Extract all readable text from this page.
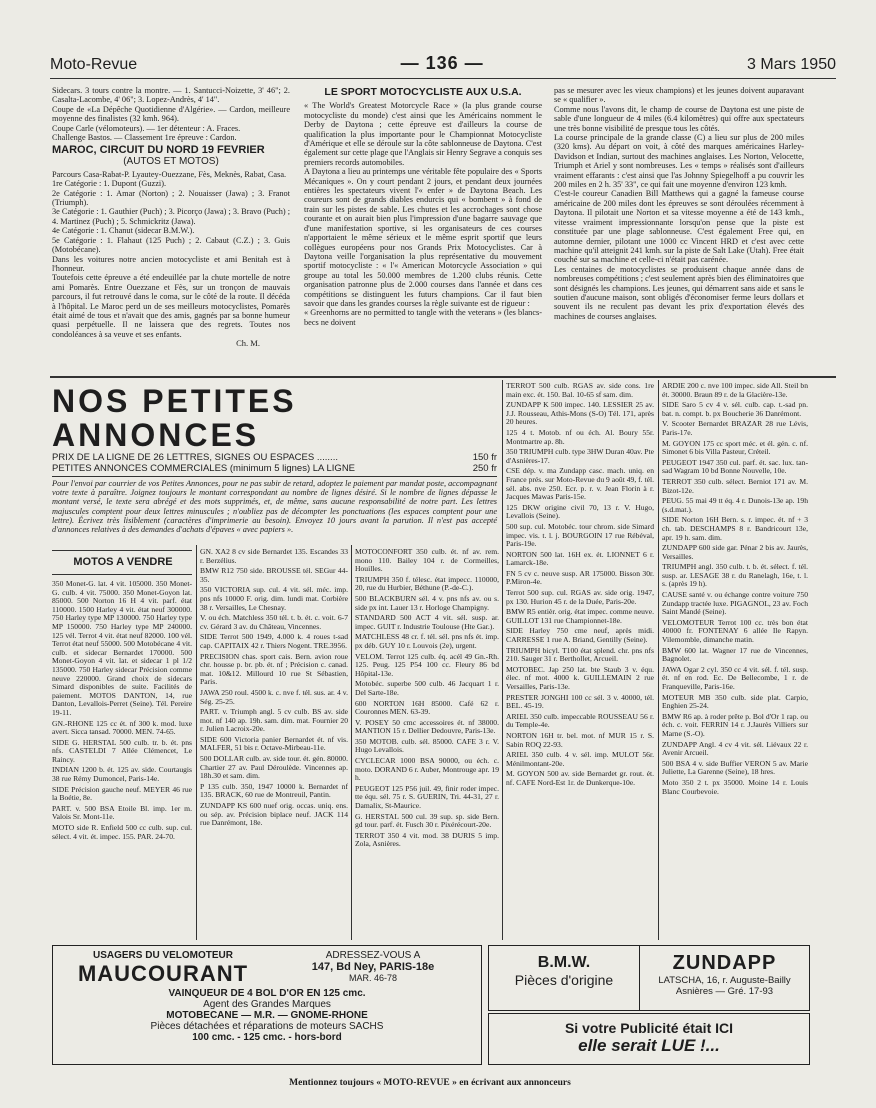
Moto-Revue	— 136 —	3 Mars 1950

Sidecars. 3 tours contre la montre. — 1. Santucci-Noizette, 3' 46"; 2. Casalta-Lacombe, 4' 06"; 3. Lopez-Andrès, 4' 14".

Coupe de «La Dépêche Quotidienne d'Algérie». — Cardon, meilleure moyenne des finalistes (32 kmh. 964).

Coupe Carle (vélomoteurs). — 1er détenteur : A. Fraces.

Challenge Bastos. — Classement 1re épreuve : Cardon.

MAROC, CIRCUIT DU NORD 19 FEVRIER
(AUTOS ET MOTOS)

Parcours Casa-Rabat-P. Lyautey-Ouezzane, Fès, Meknès, Rabat, Casa.

1re Catégorie : 1. Dupont (Guzzi).

2e Catégorie : 1. Amar (Norton) ; 2. Nouaisser (Jawa) ; 3. Franot (Triumph).

3e Catégorie : 1. Gauthier (Puch) ; 3. Picorço (Jawa) ; 3. Bravo (Puch) ; 4. Martinez (Puch) ; 5. Schmickritz (Jawa).

4e Catégorie : 1. Chanut (sidecar B.M.W.).

5e Catégorie : 1. Flahaut (125 Puch) ; 2. Cabaut (C.Z.) ; 3. Guis (Motobécane).

Dans les voitures notre ancien motocycliste et ami Benitah est à l'honneur.

Toutefois cette épreuve a été endeuillée par la chute mortelle de notre ami Pomarès. Entre Ouezzane et Fès, sur un tronçon de mauvais parcours, il fut retrouvé dans le coma, sur le côté de la route. Il décéda à l'hôpital. Le Maroc perd un de ses meilleurs motocyclistes, Pomarès était aimé de tous et n'avait que des amis, gagnés par sa bonne humeur quasi perpétuelle. Il ne laissera que des regrets. Toutes nos condoléances à sa veuve et ses enfants.

Ch. M.

LE SPORT MOTOCYCLISTE AUX U.S.A.

« The World's Greatest Motorcycle Race » (la plus grande course motocycliste du monde) c'est ainsi que les Américains nomment le Derby de Daytona ; cette épreuve est d'ailleurs la course de qualification la plus importante pour le Championnat Motocycliste d'Amérique et elle se déroule sur la côte sablonneuse de Daytona. C'est également sur cette plage que l'Anglais sir Henry Segrave a conquis ses premiers records automobiles.

A Daytona a lieu au printemps une véritable fête populaire des « Sports Mécaniques ». On y court pendant 2 jours, et pendant deux journées entières les spectateurs vivent l'« enfer » de Daytona Beach. Les coureurs sont de grands diables endurcis qui « bombent » à fond de train sur les pistes de sable. Les chutes et les accrochages sont chose courante et on aurait bien plus l'impression d'une bagarre sauvage que d'une manifestation sportive, si les organisateurs de ces courses n'apportaient le même sérieux et le même esprit sportif que leurs collègues européens pour nos Grands Prix Motocyclistes. Car à Daytona veille l'organisation la plus représentative du mouvement sportif motocycliste : « l'« American Motorcycle Association » qui groupe au total les 50.000 membres de 1.200 clubs réunis. Cette organisation patronne plus de 2.000 courses dans l'année et dans ces compétitions se distinguent les futurs champions. Car il faut bien savoir que dans les grandes courses la règle suivante est de rigueur :

« Greenhorns are no permitted to tangle with the veterans » (les blancs-becs ne doivent

pas se mesurer avec les vieux champions) et les jeunes doivent auparavant se « qualifier ».

Comme nous l'avons dit, le champ de course de Daytona est une piste de sable d'une longueur de 4 miles (6.4 kilomètres) qui offre aux spectateurs une très bonne visibilité de presque tous les côtés.

La course principale de la grande classe (C) a lieu sur plus de 200 miles (320 kms). Au départ on voit, à côté des marques américaines Harley-Davidson et Indian, surtout des machines anglaises. Les Norton, Velocette, Triumph et Ariel y sont nombreuses. Les « temps » réalisés sont d'ailleurs vraiment effarants : c'est ainsi que l'as Johnny Spiegelhoff a pu couvrir les 200 miles en 2 h. 35' 33", ce qui fait une moyenne d'environ 123 kmh.

C'est-le coureur Canadien Bill Matthews qui a gagné la fameuse course américaine de 200 miles dont les épreuves se sont déroulées récemment à Daytona. Il pilotait une Norton et sa vitesse moyenne a été de 143 kmh., vitesse vraiment impressionnante lorsqu'on pense que la piste est constituée par une plage sablonneuse. C'est également Free qui, en automne dernier, pilotant une 1000 cc Vincent HRD et c'est avec cette machine qu'il atteignit 241 kmh. sur la piste de Salt Lake (Utah). Free était couché sur sa machine et celle-ci n'était pas carénée.

Les centaines de motocyclistes se produisent chaque année dans de nombreuses compétitions ; c'est seulement après bien des éliminatoires que sont désignés les champions. Les jeunes, qui démarrent sans aide et sans le soutien d'aucune maison, sont obligés d'économiser ferme leurs dollars et souvent ils ne reculent pas devant les prix d'exportation élevés des machines de courses anglaises.

NOS PETITES ANNONCES
PRIX DE LA LIGNE DE 26 LETTRES, SIGNES OU ESPACES ........	150 fr
PETITES ANNONCES COMMERCIALES (minimum 5 lignes) LA LIGNE	250 fr
Pour l'envoi par courrier de vos Petites Annonces, pour ne pas subir de retard, adoptez le paiement par mandat poste, accompagnant votre texte à paraître. Joignez toujours le montant correspondant au nombre de lignes désiré. Si le nombre de lignes dépasse le montant versé, le texte sera abrégé et des mots supprimés, et, de même, sans aucune responsabilité de notre part. Les lettres majuscules comptent pour deux lettres minuscules ; n'oubliez pas de décompter les ponctuations (les espaces comptent pour une lettre). Écrivez très lisiblement (caractères d'imprimerie au besoin). Envoyez 10 jours avant la parution. Il n'est pas accepté d'annonces relatives à des demandes d'achats d'épaves « avec papiers ».
MOTOS A VENDRE
350 Monet-G. lat. 4 vit. 105000. 350 Monet-G. culb. 4 vit. 75000. 350 Monet-Goyon lat. 85000. 500 Norton 16 H 4 vit. parf. état 110000. 1500 Harley 4 vit. état neuf 300000. 750 Harley type MP 130000. 750 Harley type MP 150000. 750 Harley type MP 240000. 125 vél. Terrot 4 vit. état neuf 82000. 100 vél. Terrot état neuf 55000. 500 Motobécane 4 vit. culb. et sidecar Bernardet 170000. 500 Monet-Goyon 4 vit. lat. et sidecar 1 pl 1/2 135000. 750 Harley sidecar Précision comme neuve 220000. Grand choix de sidecars Simard disponibles de suite. Facilités de paiement. MOTOS DANTON, 14, rue Danton, Levallois-Perret (Seine). Tél. Pereire 19-11.
GN.-RHONE 125 cc ét. nf 300 k. mod. luxe avert. Sicca tansad. 70000. MEN. 74-65.
SIDE G. HERSTAL 500 culb. tr. b. ét. pns nfs. CASTELDI 7 Allée Clémencet, Le Raincy.
INDIAN 1200 b. ét. 125 av. side. Courtaugis 38 rue Rémy Dumoncel, Paris-14e.
SIDE Précision gauche neuf. MEYER 46 rue la Boétie, 8e.
PART. v. 500 BSA Etoile Bl. imp. 1er m. Valois Sr. Mont-11e.
MOTO side R. Enfield 500 cc culb. sup. cul. sélect. 4 vit. ét. impec. 155. PAR. 24-70.
GN. XA2 8 cv side Bernardet 135. Escandes 33 r. Berzélius.
BMW R12 750 side. BROUSSE tél. SEGur 44-35.
350 VICTORIA sup. cul. 4 vit. sél. méc. imp. pns nfs 10000 F. orig. dim. lundi mat. Corbière 38 r. Versailles, Le Chesnay.
V. ou éch. Matchless 350 tél. t. b. ét. c. voit. 6-7 cv. Gérard 3 av. du Château, Vincennes.
SIDE Terrot 500 1949, 4.000 k. 4 roues t-sad cap. CAPITAIX 42 r. Thiers Nogent. TRE.3956.
PRECISION chas. sport cais. Bern. avion roue chr. housse p. br. pb. ét. nf ; Précision c. canad. mat. 10&12. Millourd 10 rue St Sébastien, Paris.
JAWA 250 roul. 4500 k. c. nve f. tél. sus. ar. 4 v. Ség. 25-25.
PART. v. Triumph angl. 5 cv culb. BS av. side mot. nf 140 ap. 19h. sam. dim. mat. Fournier 20 r. Julien Lacroix-20e.
SIDE 600 Victoria panier Bernardet ét. nf vis. MALFER, 51 bis r. Octave-Mirbeau-11e.
500 DOLLAR culb. av. side tour. ét. gén. 80000. Chartier 27 av. Paul Déroulède. Vincennes ap. 18h.30 et sam. dim.
P 135 culb. 350, 1947 10000 k. Bernardet nf 135. BRACK, 60 rue de Montreuil, Pantin.
ZUNDAPP KS 600 nuef orig. occas. uniq. ens. ou sép. av. Précision biplace neuf. JACK 114 rue Danrémont, 18e.
MOTOCONFORT 350 culb. ét. nf av. rem. mono 110. Bailey 104 r. de Cormeilles, Houilles.
TRIUMPH 350 f. télesc. état impecc. 110000, 20, rue du Hurbier, Béthune (P.-de-C.).
500 BLACKBURN sél. 4 v. pns nfs av. ou s. side px int. Lauer 13 r. Horloge Champigny.
STANDARD 500 ACT 4 vit. sél. susp. ar. impec. GUIT r. Industrie Toulouse (Hte Gar.).
MATCHLESS 48 cr. f. tél. sél. pns nfs ét. imp. px déb. GUY 10 r. Louvois (2e), urgent.
VELOM. Terrot 125 culb. éq. acél 49 Gn.-Rh. 125. Peug. 125 P54 100 cc. Fleury 86 bd Hôpital-13e.
Motobéc. superbe 500 culb. 46 Jacquart 1 r. Del Sarte-18e.
600 NORTON 16H 85000. Café 62 r. Couronnes MEN. 63-39.
V. POSEY 50 cmc accessoires ét. nf 38000. MANTION 15 r. Dellier Dedouvre, Paris-13e.
350 MOTOB. culb. sél. 85000. CAFE 3 r. V. Hugo Levallois.
CYCLECAR 1000 BSA 90000, ou éch. c. moto. DORAND 6 r. Auber, Montrouge apr. 19 h.
PEUGEOT 125 P56 juil. 49, finir roder impec. tte équ. sél. 75 r. S. GUERIN, Tri. 44-31, 27 r. Damalix, St-Maurice.
G. HERSTAL 500 cul. 39 sup. sp. side Bern. gd tour. parf. ét. Fusch 30 r. Pixérécourt-20e.
TERROT 350 4 vit. mod. 38 DURIS 5 imp. Zola, Asnières.
TERROT 500 culb. RGAS av. side cons. 1re main exc. ét. 150. Bal. 10-65 sf sam. dim.
ZUNDAPP K 500 impec. 140. LESSIER 25 av. J.J. Rousseau, Athis-Mons (S-O) Tél. 171, après 20 heures.
125 4 t. Motob. nf ou éch. Al. Boury 55r. Montmartre ap. 8h.
350 TRIUMPH culb. type 3HW Duran 40av. Pte d'Asnières-17.
CSE dép. v. ma Zundapp casc. mach. uniq. en France prés. sur Moto-Revue du 9 août 49, f. tél. sél. abs. nve 250. Ecr. p. r. v. Jean Florin à r. Jacques Mawas Paris-15e.
125 DKW origine civil 70, 13 r. V. Hugo, Levallois (Seine).
500 sup. cul. Motobéc. tour chrom. side Simard impec. vis. t. l. j. BOURGOIN 17 rue Rébéval, Paris-19e.
NORTON 500 lat. 16H ex. ét. LIONNET 6 r. Lamarck-18e.
FN 5 cv c. neuve susp. AR 175000. Bisson 30r. P.Miron-4e.
Terrot 500 sup. cul. RGAS av. side orig. 1947, px 130. Hurion 45 r. de la Duée, Paris-20e.
BMW R5 entièr. orig. état impec. comme neuve. GUILLOT 131 rue Championnet-18e.
SIDE Harley 750 cme neuf, après midi. CARRESSE 1 rue A. Briand, Gentilly (Seine).
TRIUMPH bicyl. T100 état splend. chr. pns nfs 210. Sauger 31 r. Berthollet, Arcueil.
MOTOBEC. Jap 250 lat. bte Staub 3 v. équ. élec. nf mot. 4000 k. GUILLEMAIN 2 rue Versailles, Paris-13e.
PRESTER JONGHI 100 cc sél. 3 v. 40000, tél. BEL. 45-19.
ARIEL 350 culb. impeccable ROUSSEAU 56 r. du Temple-4e.
NORTON 16H tr. bel. mot. nf MUR 15 r. S. Sabin ROQ 22-93.
ARIEL 350 culb. 4 v. sél. imp. MULOT 56r. Ménilmontant-20e.
M. GOYON 500 av. side Bernardet gr. rout. ét. nf. CAFE Nord-Est 1r. de Dunkerque-10e.
ARDIE 200 c. nve 100 impec. side All. Steil bn ét. 30000. Braun 89 r. de la Glacière-13e.
SIDE Saro 5 cv 4 v. sél. culb. cap. t.-sad pn. bat. n. compt. b. px Boucherie 36 Danrémont.
V. Scooter Bernardet BRAZAR 28 rue Lévis, Paris-17e.
M. GOYON 175 cc sport méc. et él. gén. c. nf. Simonet 6 bis Villa Pasteur, Créteil.
PEUGEOT 1947 350 cul. parf. ét. sac. lux. tan-sad Wagram 10 bd Bonne Nouvelle, 10e.
TERROT 350 culb. sélect. Berniot 171 av. M. Bizot-12e.
PEUG. 55 mai 49 tt éq. 4 r. Dunois-13e ap. 19h (s.d.mat.).
SIDE Norton 16H Bern. s. r. impec. ét. nf + 3 ch. tab. DESCHAMPS 8 r. Bandricourt 13e, apr. 19 h. sam. dim.
ZUNDAPP 600 side gar. Pénar 2 bis av. Jaurès, Versailles.
TRIUMPH angl. 350 culb. t. b. ét. sélect. f. tél. susp. ar. LESAGE 38 r. du Ranelagh, 16e, t. l. s. (après 19 h).
CAUSE santé v. ou échange contre voiture 750 Zundapp tractée luxe. PIGAGNOL, 23 av. Foch Saint Mandé (Seine).
VELOMOTEUR Terrot 100 cc. très bon état 40000 fr. FONTENAY 6 allée Ile Rapyn. Vilemomble, dimanche matin.
BMW 600 lat. Wagner 17 rue de Vincennes, Bagnolet.
JAWA Ogar 2 cyl. 350 cc 4 vit. sél. f. tél. susp. ét. nf en rod. Ec. De Bellecombe, 1 r. de Franqueville, Paris-16e.
MOTEUR MB 350 culb. side plat. Carpio, Enghien 25-24.
BMW R6 ap. à roder prête p. Bol d'Or 1 rap. ou éch. c. voit. FERRIN 14 r. J.Jaurès Villiers sur Marne (S.-O).
ZUNDAPP Angl. 4 cv 4 vit. sél. Liévaux 22 r. Avenir Arcueil.
500 BSA 4 v. side Buffier VERON 5 av. Marie Juliette, La Garenne (Seine), 18 hres.
Moto 350 2 t. px 35000. Moine 14 r. Louis Blanc Courbevoie.
USAGERS DU VELOMOTEUR
MAUCOURANT
ADRESSEZ-VOUS A
147, Bd Ney, PARIS-18e
MAR. 46-78
VAINQUEUR DE 4 BOL D'OR EN 125 cmc.
Agent des Grandes Marques
MOTOBECANE — M.R. — GNOME-RHONE
Pièces détachées et réparations de moteurs SACHS
100 cmc. - 125 cmc. - hors-bord
B.M.W.
Pièces d'origine
ZUNDAPP
LATSCHA, 16, r. Auguste-Bailly
Asnières — Gré. 17-93
Si votre Publicité était ICI
elle serait LUE !...
Mentionnez toujours « MOTO-REVUE » en écrivant aux annonceurs
